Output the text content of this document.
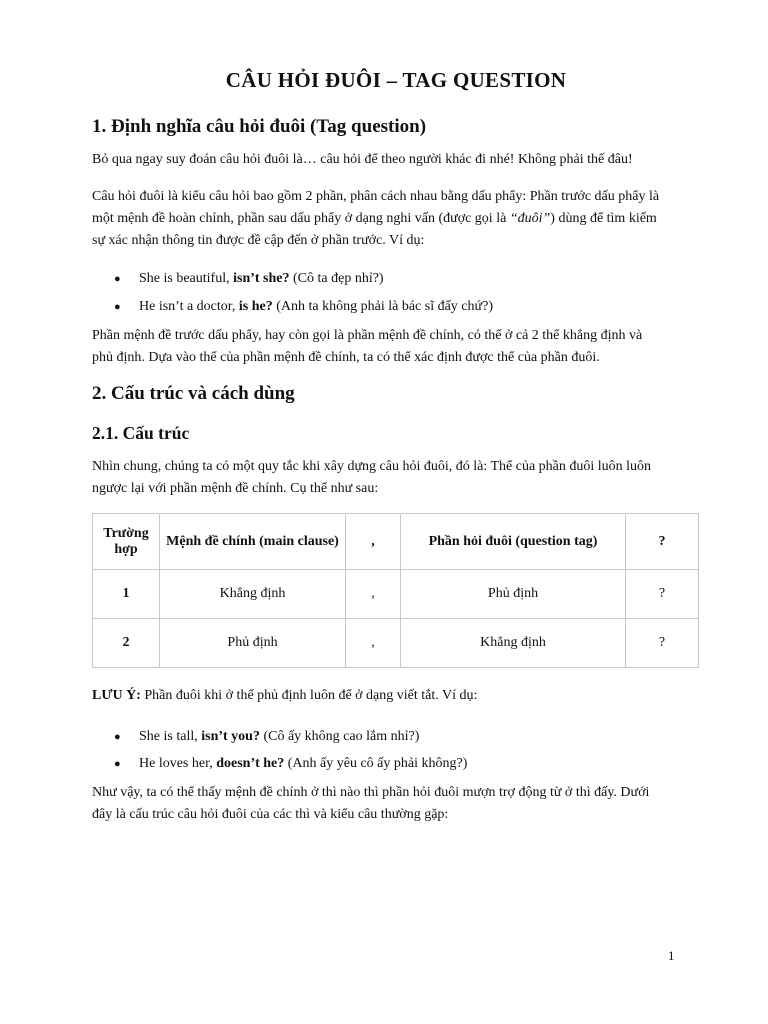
CÂU HỎI ĐUÔI – TAG QUESTION
1. Định nghĩa câu hỏi đuôi (Tag question)
Bỏ qua ngay suy đoán câu hỏi đuôi là… câu hỏi để theo người khác đi nhé! Không phải thế đâu!
Câu hỏi đuôi là kiểu câu hỏi bao gồm 2 phần, phân cách nhau bằng dấu phẩy: Phần trước dấu phẩy là
một mệnh đề hoàn chỉnh, phần sau dấu phẩy ở dạng nghi vấn (được gọi là “đuôi”) dùng để tìm kiếm
sự xác nhận thông tin được đề cập đến ở phần trước. Ví dụ:
● She is beautiful, isn’t she? (Cô ta đẹp nhỉ?)
● He isn’t a doctor, is he? (Anh ta không phải là bác sĩ đấy chứ?)
Phần mệnh đề trước dấu phẩy, hay còn gọi là phần mệnh đề chính, có thể ở cả 2 thể khẳng định và
phủ định. Dựa vào thể của phần mệnh đề chính, ta có thể xác định được thể của phần đuôi.
2. Cấu trúc và cách dùng
2.1. Cấu trúc
Nhìn chung, chúng ta có một quy tắc khi xây dựng câu hỏi đuôi, đó là: Thể của phần đuôi luôn luôn
ngược lại với phần mệnh đề chính. Cụ thể như sau:
Trường hợp	Mệnh đề chính (main clause)	,	Phần hỏi đuôi (question tag)	?
1	Khẳng định	,	Phủ định	?
2	Phủ định	,	Khẳng định	?
LƯU Ý: Phần đuôi khi ở thể phủ định luôn để ở dạng viết tắt. Ví dụ:
● She is tall, isn’t you? (Cô ấy không cao lắm nhỉ?)
● He loves her, doesn’t he? (Anh ấy yêu cô ấy phải không?)
Như vậy, ta có thể thấy mệnh đề chính ở thì nào thì phần hỏi đuôi mượn trợ động từ ở thì đấy. Dưới
đây là cấu trúc câu hỏi đuôi của các thì và kiểu câu thường gặp:
1
